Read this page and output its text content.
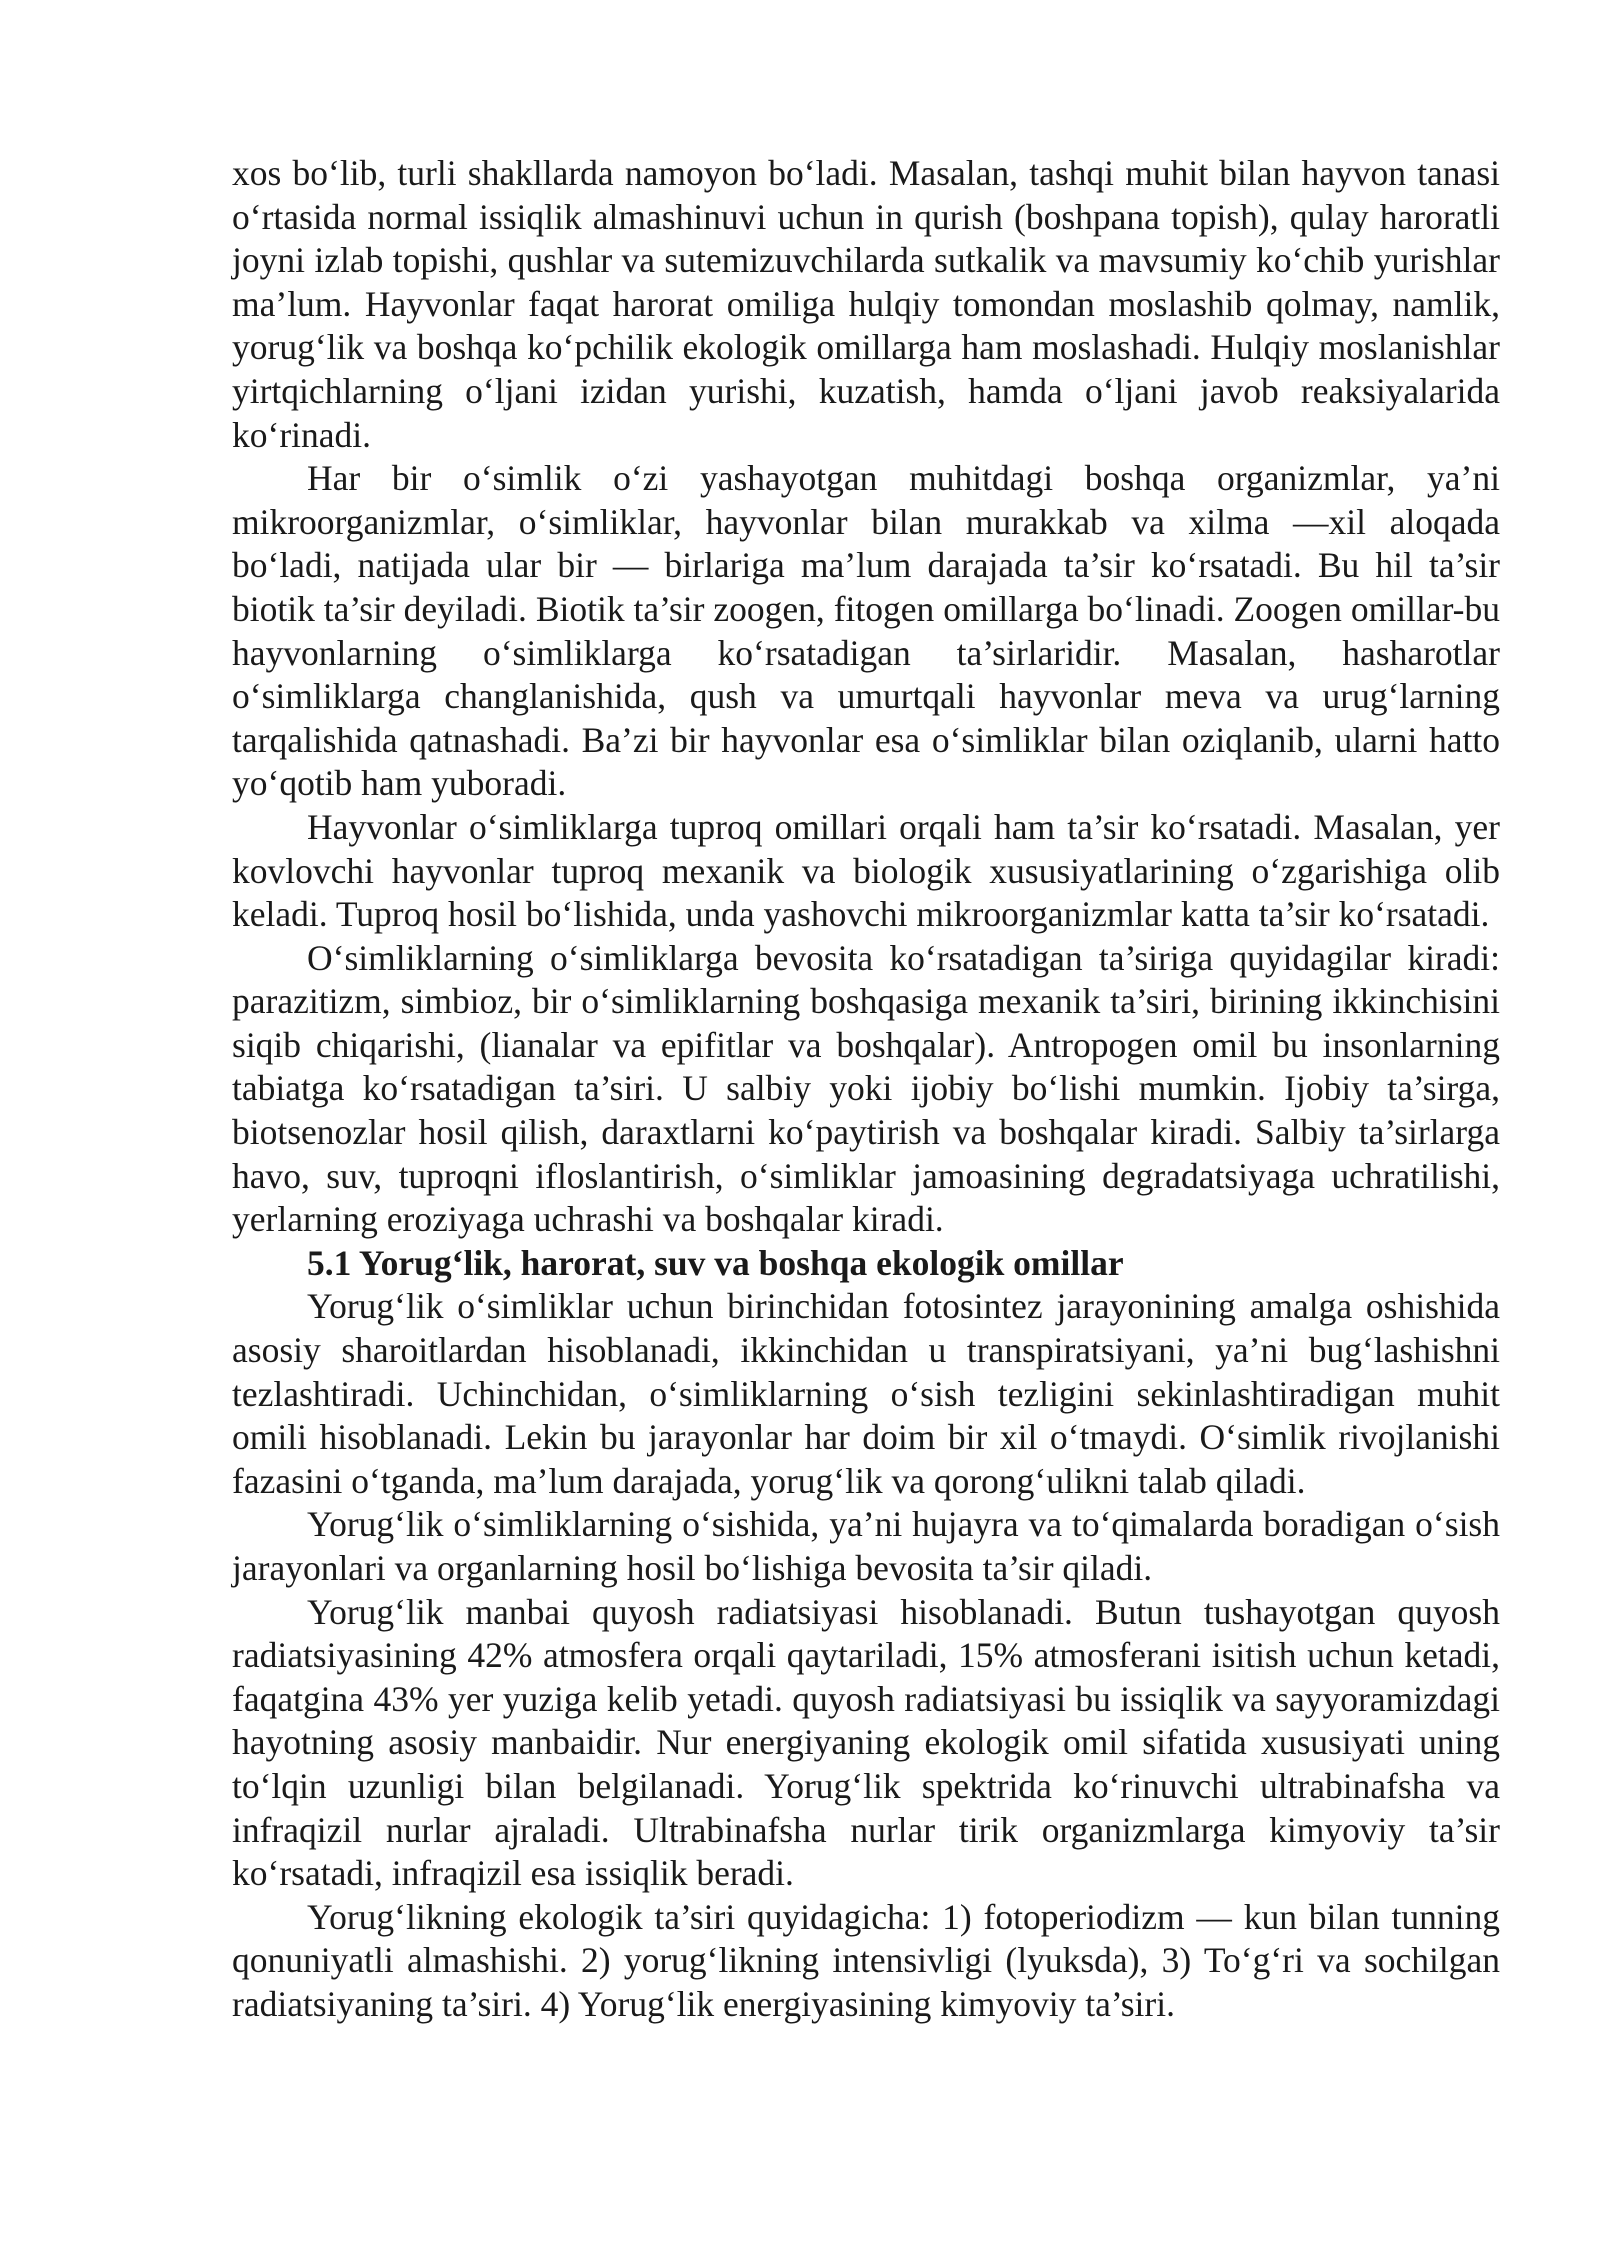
xos bo‘lib, turli shakllarda namoyon bo‘ladi. Masalan, tashqi muhit bilan hayvon tanasi o‘rtasida normal issiqlik almashinuvi uchun in qurish (boshpana topish), qulay haroratli joyni izlab topishi, qushlar va sutemizuvchilarda sutkalik va mavsumiy ko‘chib yurishlar ma’lum. Hayvonlar faqat harorat omiliga hulqiy tomondan moslashib qolmay, namlik, yorug‘lik va boshqa ko‘pchilik ekologik omillarga ham moslashadi. Hulqiy moslanishlar yirtqichlarning o‘ljani izidan yurishi, kuzatish, hamda o‘ljani javob reaksiyalarida ko‘rinadi.

Har bir o‘simlik o‘zi yashayotgan muhitdagi boshqa organizmlar, ya’ni mikroorganizmlar, o‘simliklar, hayvonlar bilan murakkab va xilma —xil aloqada bo‘ladi, natijada ular bir — birlariga ma’lum darajada ta’sir ko‘rsatadi. Bu hil ta’sir biotik ta’sir deyiladi. Biotik ta’sir zoogen, fitogen omillarga bo‘linadi. Zoogen omillar-bu hayvonlarning o‘simliklarga ko‘rsatadigan ta’sirlaridir. Masalan, hasharotlar o‘simliklarga changlanishida, qush va umurtqali hayvonlar meva va urug‘larning tarqalishida qatnashadi. Ba’zi bir hayvonlar esa o‘simliklar bilan oziqlanib, ularni hatto yo‘qotib ham yuboradi.

Hayvonlar o‘simliklarga tuproq omillari orqali ham ta’sir ko‘rsatadi. Masalan, yer kovlovchi hayvonlar tuproq mexanik va biologik xususiyatlarining o‘zgarishiga olib keladi. Tuproq hosil bo‘lishida, unda yashovchi mikroorganizmlar katta ta’sir ko‘rsatadi.

O‘simliklarning o‘simliklarga bevosita ko‘rsatadigan ta’siriga quyidagilar kiradi: parazitizm, simbioz, bir o‘simliklarning boshqasiga mexanik ta’siri, birining ikkinchisini siqib chiqarishi, (lianalar va epifitlar va boshqalar). Antropogen omil bu insonlarning tabiatga ko‘rsatadigan ta’siri. U salbiy yoki ijobiy bo‘lishi mumkin. Ijobiy ta’sirga, biotsenozlar hosil qilish, daraxtlarni ko‘paytirish va boshqalar kiradi. Salbiy ta’sirlarga havo, suv, tuproqni ifloslantirish, o‘simliklar jamoasining degradatsiyaga uchratilishi, yerlarning eroziyaga uchrashi va boshqalar kiradi.

5.1 Yorug‘lik, harorat, suv va boshqa ekologik omillar

Yorug‘lik o‘simliklar uchun birinchidan fotosintez jarayonining amalga oshishida asosiy sharoitlardan hisoblanadi, ikkinchidan u transpiratsiyani, ya’ni bug‘lashishni tezlashtiradi. Uchinchidan, o‘simliklarning o‘sish tezligini sekinlashtiradigan muhit omili hisoblanadi. Lekin bu jarayonlar har doim bir xil o‘tmaydi. O‘simlik rivojlanishi fazasini o‘tganda, ma’lum darajada, yorug‘lik va qorong‘ulikni talab qiladi.

Yorug‘lik o‘simliklarning o‘sishida, ya’ni hujayra va to‘qimalarda boradigan o‘sish jarayonlari va organlarning hosil bo‘lishiga bevosita ta’sir qiladi.

Yorug‘lik manbai quyosh radiatsiyasi hisoblanadi. Butun tushayotgan quyosh radiatsiyasining 42% atmosfera orqali qaytariladi, 15% atmosferani isitish uchun ketadi, faqatgina 43% yer yuziga kelib yetadi. quyosh radiatsiyasi bu issiqlik va sayyoramizdagi hayotning asosiy manbaidir. Nur energiyaning ekologik omil sifatida xususiyati uning to‘lqin uzunligi bilan belgilanadi. Yorug‘lik spektrida ko‘rinuvchi ultrabinafsha va infraqizil nurlar ajraladi. Ultrabinafsha nurlar tirik organizmlarga kimyoviy ta’sir ko‘rsatadi, infraqizil esa issiqlik beradi.

Yorug‘likning ekologik ta’siri quyidagicha: 1) fotoperiodizm — kun bilan tunning qonuniyatli almashishi. 2) yorug‘likning intensivligi (lyuksda), 3) To‘g‘ri va sochilgan radiatsiyaning ta’siri. 4) Yorug‘lik energiyasining kimyoviy ta’siri.
